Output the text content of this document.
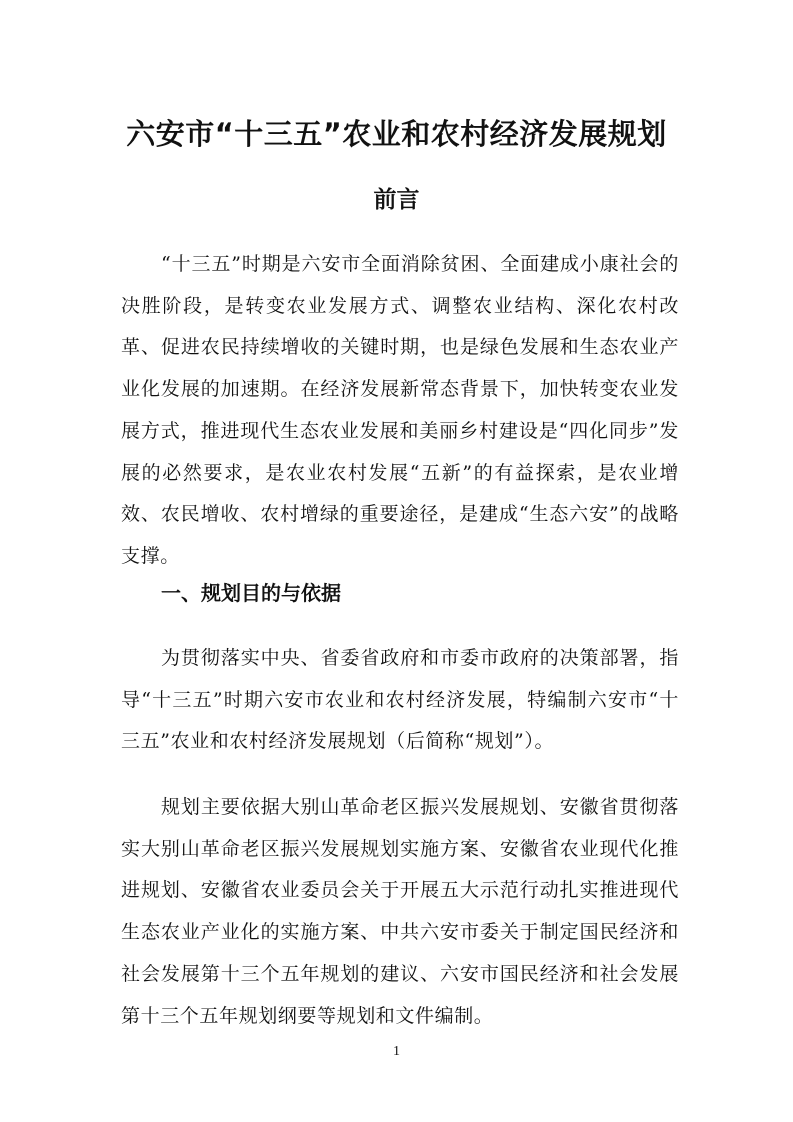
六安市“十三五”农业和农村经济发展规划
前言

“十三五”时期是六安市全面消除贫困、全面建成小康社会的决胜阶段，是转变农业发展方式、调整农业结构、深化农村改革、促进农民持续增收的关键时期，也是绿色发展和生态农业产业化发展的加速期。在经济发展新常态背景下，加快转变农业发展方式，推进现代生态农业发展和美丽乡村建设是“四化同步”发展的必然要求，是农业农村发展“五新”的有益探索，是农业增效、农民增收、农村增绿的重要途径，是建成“生态六安”的战略支撑。

一、规划目的与依据

为贯彻落实中央、省委省政府和市委市政府的决策部署，指导“十三五”时期六安市农业和农村经济发展，特编制六安市“十三五”农业和农村经济发展规划（后简称“规划”）。

规划主要依据大别山革命老区振兴发展规划、安徽省贯彻落实大别山革命老区振兴发展规划实施方案、安徽省农业现代化推进规划、安徽省农业委员会关于开展五大示范行动扎实推进现代生态农业产业化的实施方案、中共六安市委关于制定国民经济和社会发展第十三个五年规划的建议、六安市国民经济和社会发展第十三个五年规划纲要等规划和文件编制。

1
